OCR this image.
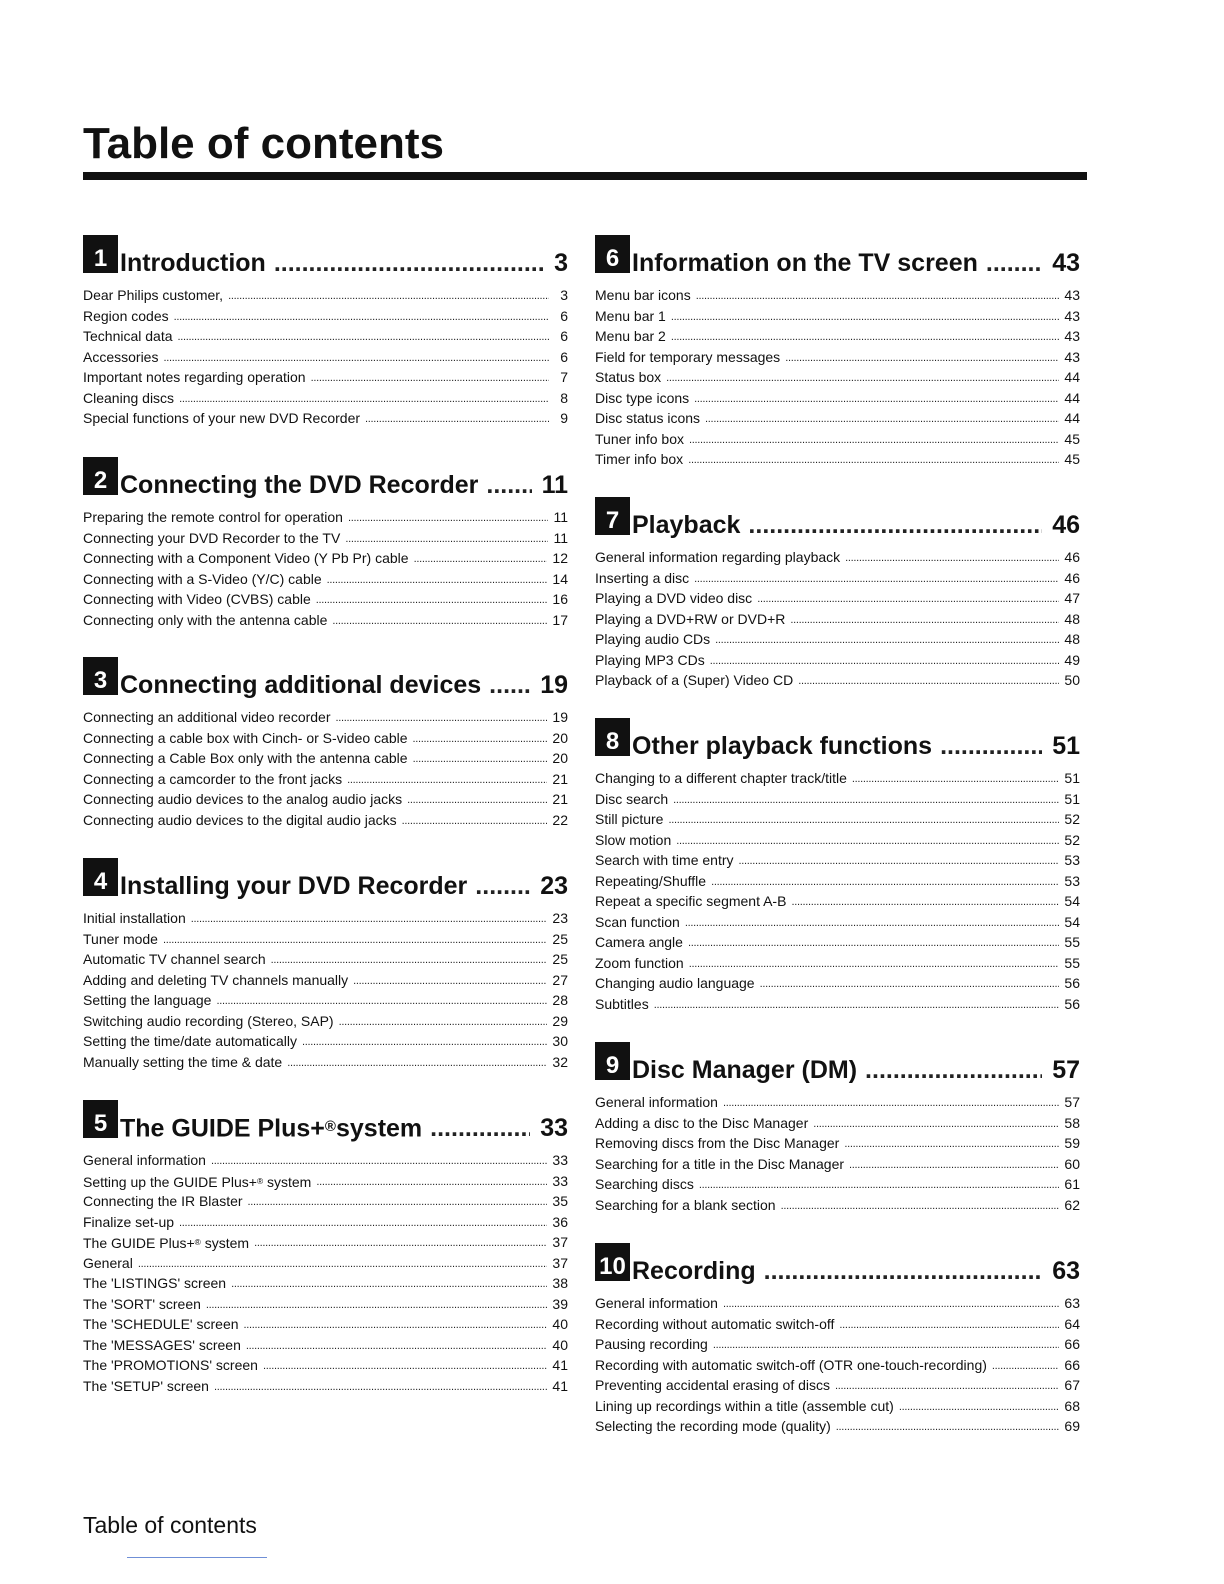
Table of contents
1 Introduction .....	3
Dear Philips customer, .....	3
Region codes .....	6
Technical data .....	6
Accessories .....	6
Important notes regarding operation .....	7
Cleaning discs .....	8
Special functions of your new DVD Recorder .....	9
2 Connecting the DVD Recorder .....	11
Preparing the remote control for operation .....	11
Connecting your DVD Recorder to the TV .....	11
Connecting with a Component Video (Y Pb Pr) cable .....	12
Connecting with a S-Video (Y/C) cable .....	14
Connecting with Video (CVBS) cable .....	16
Connecting only with the antenna cable .....	17
3 Connecting additional devices ..... 19
Connecting an additional video recorder .....	19
Connecting a cable box with Cinch- or S-video cable .....	20
Connecting a Cable Box only with the antenna cable .....	20
Connecting a camcorder to the front jacks .....	21
Connecting audio devices to the analog audio jacks .....	21
Connecting audio devices to the digital audio jacks .....	22
4 Installing your DVD Recorder .....	23
Initial installation .....	23
Tuner mode .....	25
Automatic TV channel search .....	25
Adding and deleting TV channels manually .....	27
Setting the language .....	28
Switching audio recording (Stereo, SAP) .....	29
Setting the time/date automatically .....	30
Manually setting the time & date .....	32
5 The GUIDE Plus+®system .....	33
General information .....	33
Setting up the GUIDE Plus+® system .....	33
Connecting the IR Blaster .....	35
Finalize set-up .....	36
The GUIDE Plus+® system .....	37
General .....	37
The 'LISTINGS' screen .....	38
The 'SORT' screen .....	39
The 'SCHEDULE' screen .....	40
The 'MESSAGES' screen .....	40
The 'PROMOTIONS' screen .....	41
The 'SETUP' screen .....	41
6 Information on the TV screen .....	43
Menu bar icons .....	43
Menu bar 1 .....	43
Menu bar 2 .....	43
Field for temporary messages .....	43
Status box .....	44
Disc type icons .....	44
Disc status icons .....	44
Tuner info box .....	45
Timer info box .....	45
7 Playback .....	46
General information regarding playback .....	46
Inserting a disc .....	46
Playing a DVD video disc .....	47
Playing a DVD+RW or DVD+R .....	48
Playing audio CDs .....	48
Playing MP3 CDs .....	49
Playback of a (Super) Video CD .....	50
8 Other playback functions .....	51
Changing to a different chapter track/title .....	51
Disc search .....	51
Still picture .....	52
Slow motion .....	52
Search with time entry .....	53
Repeating/Shuffle .....	53
Repeat a specific segment A-B .....	54
Scan function .....	54
Camera angle .....	55
Zoom function .....	55
Changing audio language .....	56
Subtitles .....	56
9 Disc Manager (DM) .....	57
General information .....	57
Adding a disc to the Disc Manager .....	58
Removing discs from the Disc Manager .....	59
Searching for a title in the Disc Manager .....	60
Searching discs .....	61
Searching for a blank section .....	62
10 Recording .....	63
General information .....	63
Recording without automatic switch-off .....	64
Pausing recording .....	66
Recording with automatic switch-off (OTR one-touch-recording) .....	66
Preventing accidental erasing of discs .....	67
Lining up recordings within a title (assemble cut) .....	68
Selecting the recording mode (quality) .....	69
Table of contents
